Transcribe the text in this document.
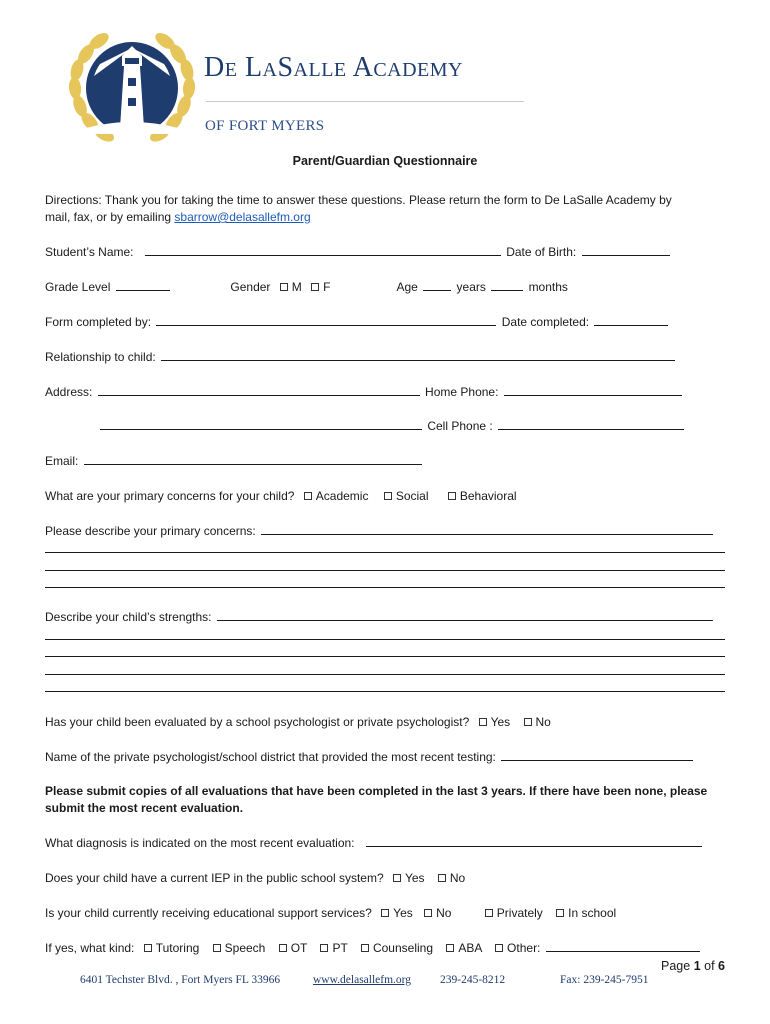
De LaSalle Academy
OF FORT MYERS
Parent/Guardian Questionnaire
Directions: Thank you for taking the time to answer these questions. Please return the form to De LaSalle Academy by
mail, fax, or by emailing sbarrow@delasallefm.org
Student’s Name:	Date of Birth:
Grade Level	Gender M F	Age	years	months
Form completed by:	Date completed:
Relationship to child:
Address:	Home Phone:
Cell Phone :
Email:
What are your primary concerns for your child? Academic Social	Behavioral
Please describe your primary concerns:
Describe your child’s strengths:
Has your child been evaluated by a school psychologist or private psychologist? Yes No
Name of the private psychologist/school district that provided the most recent testing:
Please submit copies of all evaluations that have been completed in the last 3 years. If there have been none, please
submit the most recent evaluation.
What diagnosis is indicated on the most recent evaluation:
Does your child have a current IEP in the public school system? Yes No
Is your child currently receiving educational support services? Yes No	Privately In school
If yes, what kind: Tutoring Speech OT PT Counseling ABA Other:
Page 1 of 6
6401 Techster Blvd. , Fort Myers FL 33966	www.delasallefm.org	239-245-8212	Fax: 239-245-7951
